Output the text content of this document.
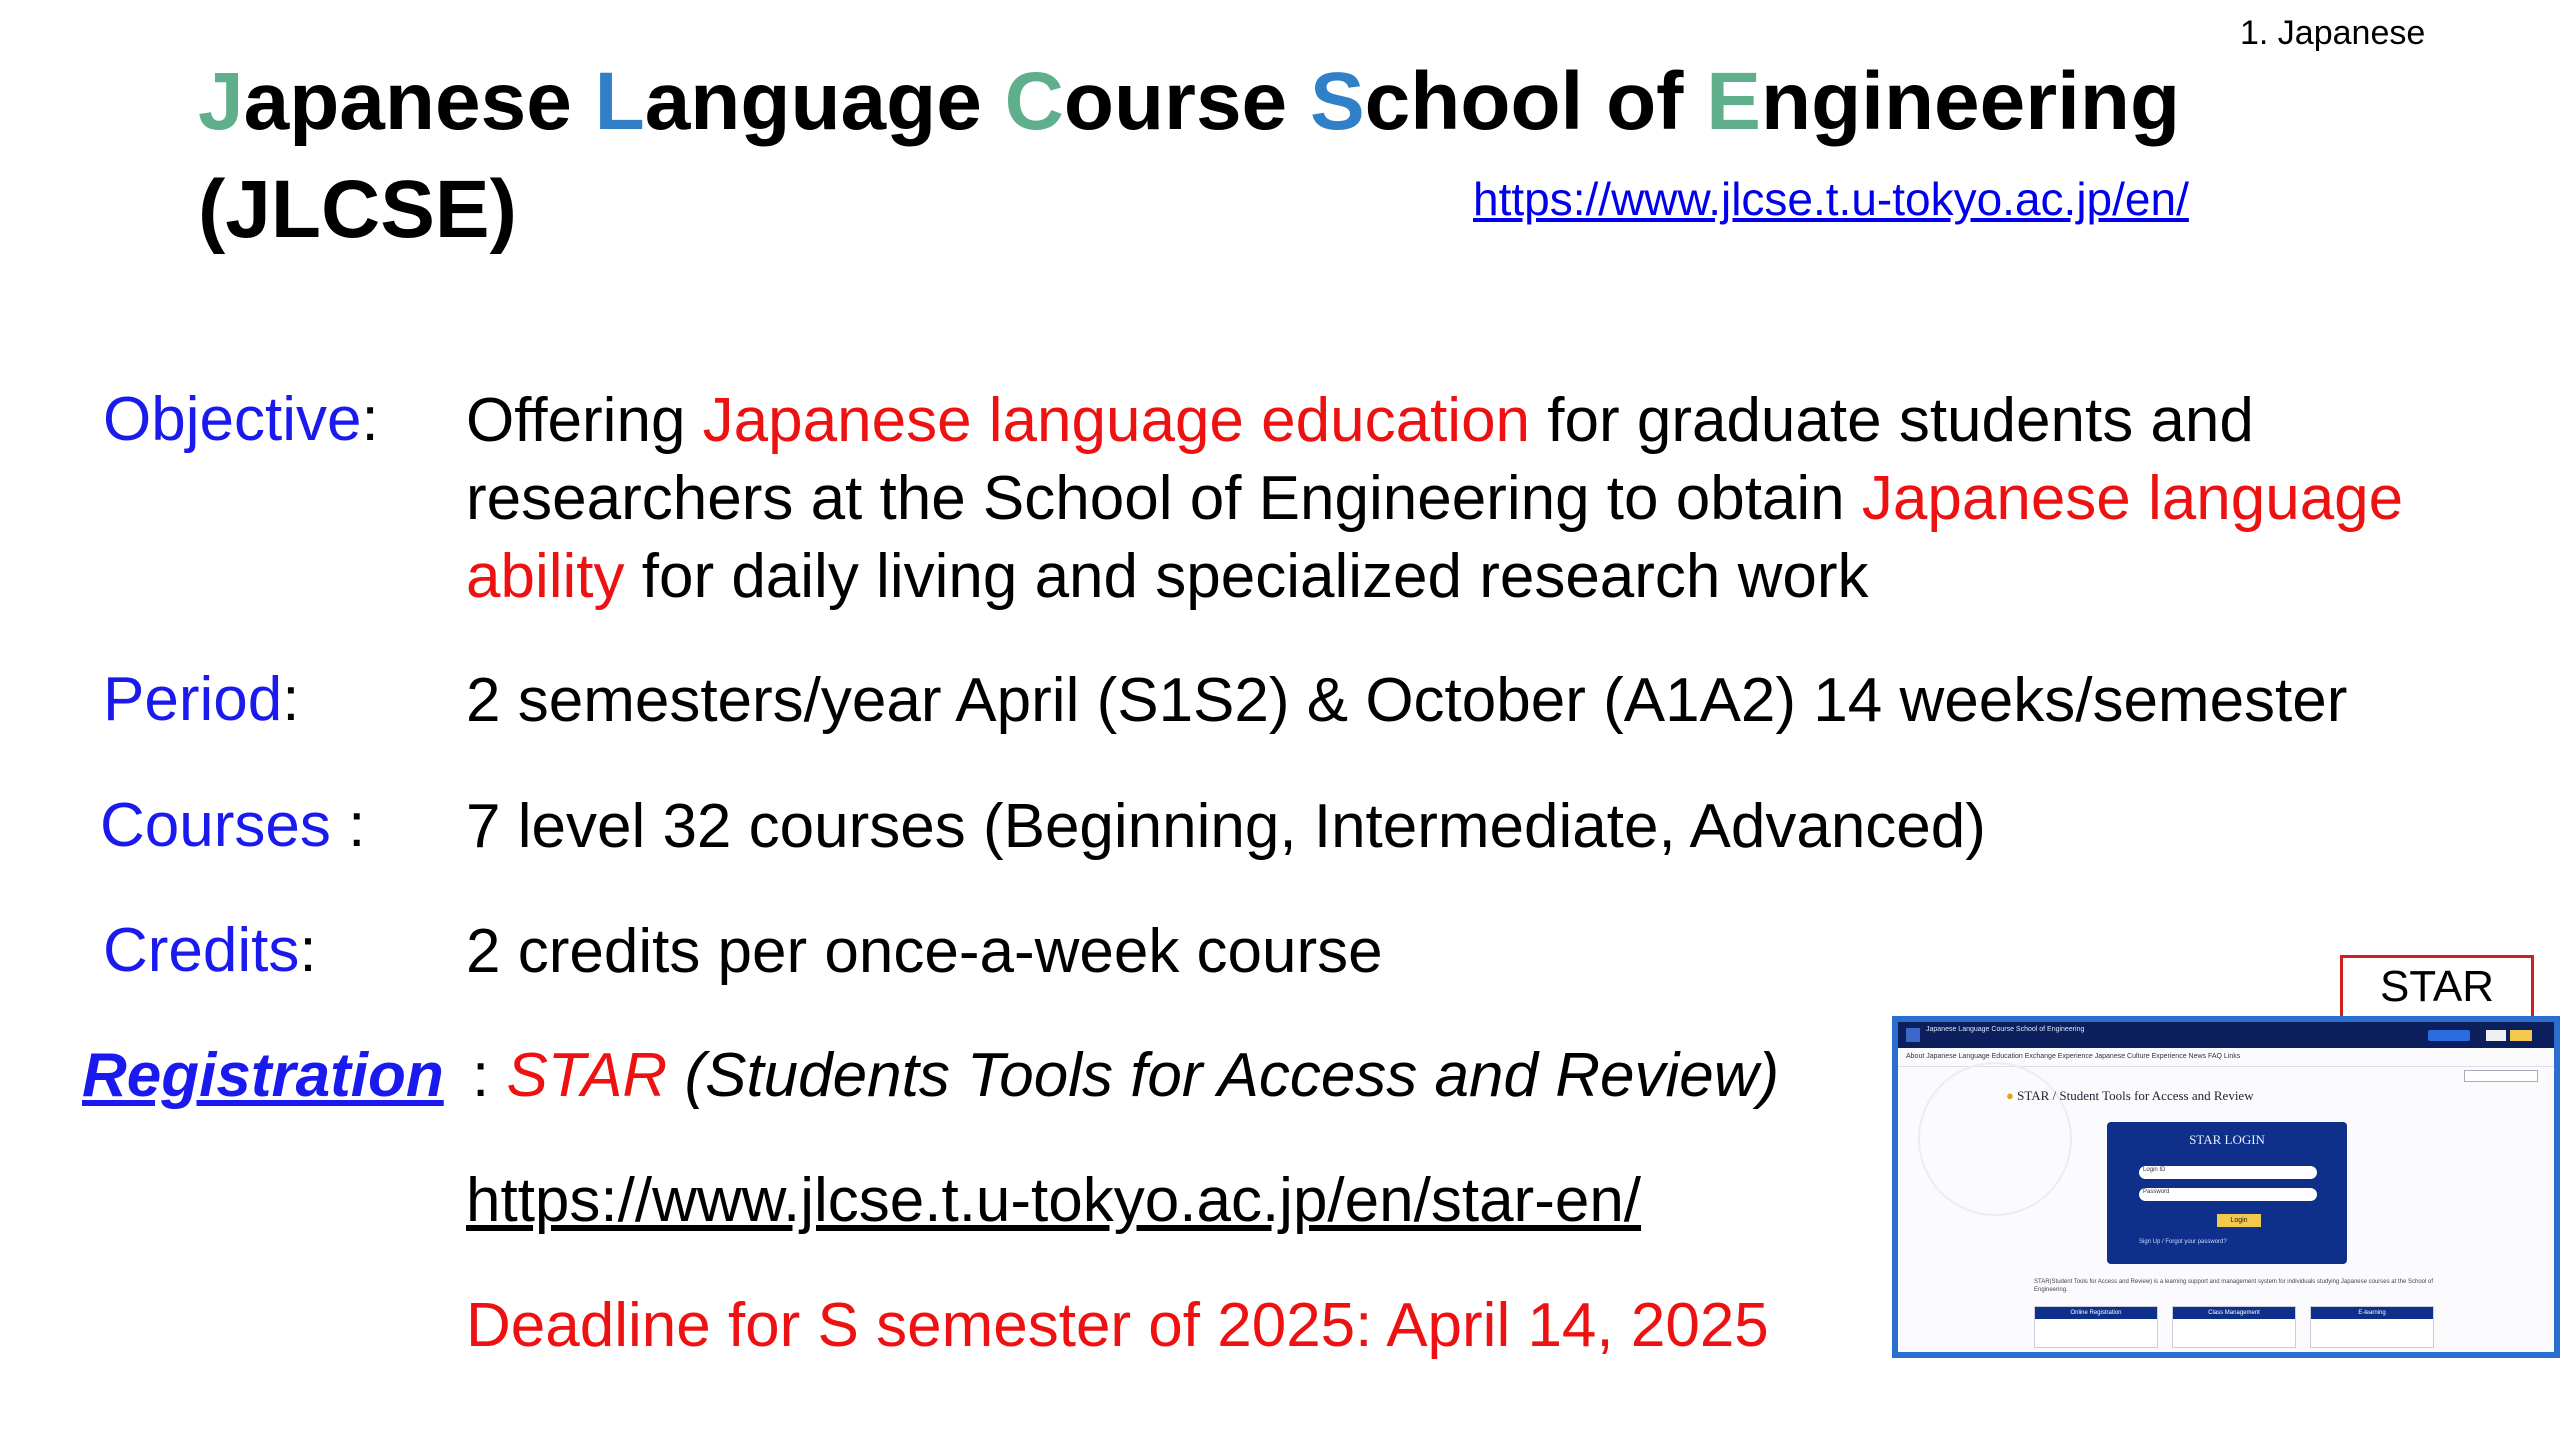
1. Japanese
Japanese Language Course School of Engineering
(JLCSE)	https://www.jlcse.t.u-tokyo.ac.jp/en/
Objective: Offering Japanese language education for graduate students and researchers at the School of Engineering to obtain Japanese language ability for daily living and specialized research work
Period:	2 semesters/year April (S1S2) & October (A1A2) 14 weeks/semester
Courses : 7 level 32 courses (Beginning, Intermediate, Advanced)
Credits: 2 credits per once-a-week course
Registration : STAR (Students Tools for Access and Review)
https://www.jlcse.t.u-tokyo.ac.jp/en/star-en/
Deadline for S semester of 2025: April 14, 2025
STAR
Japanese Language Course School of Engineering
About Japanese Language Education Exchange Experience Japanese Culture Experience News FAQ Links
● STAR / Student Tools for Access and Review
STAR LOGIN
Login ID
Password
Login
Sign Up / Forgot your password?
STAR(Student Tools for Access and Review) is a learning support and management system for individuals studying Japanese courses at the School of Engineering.
Online Registration	Class Management	E-learning
